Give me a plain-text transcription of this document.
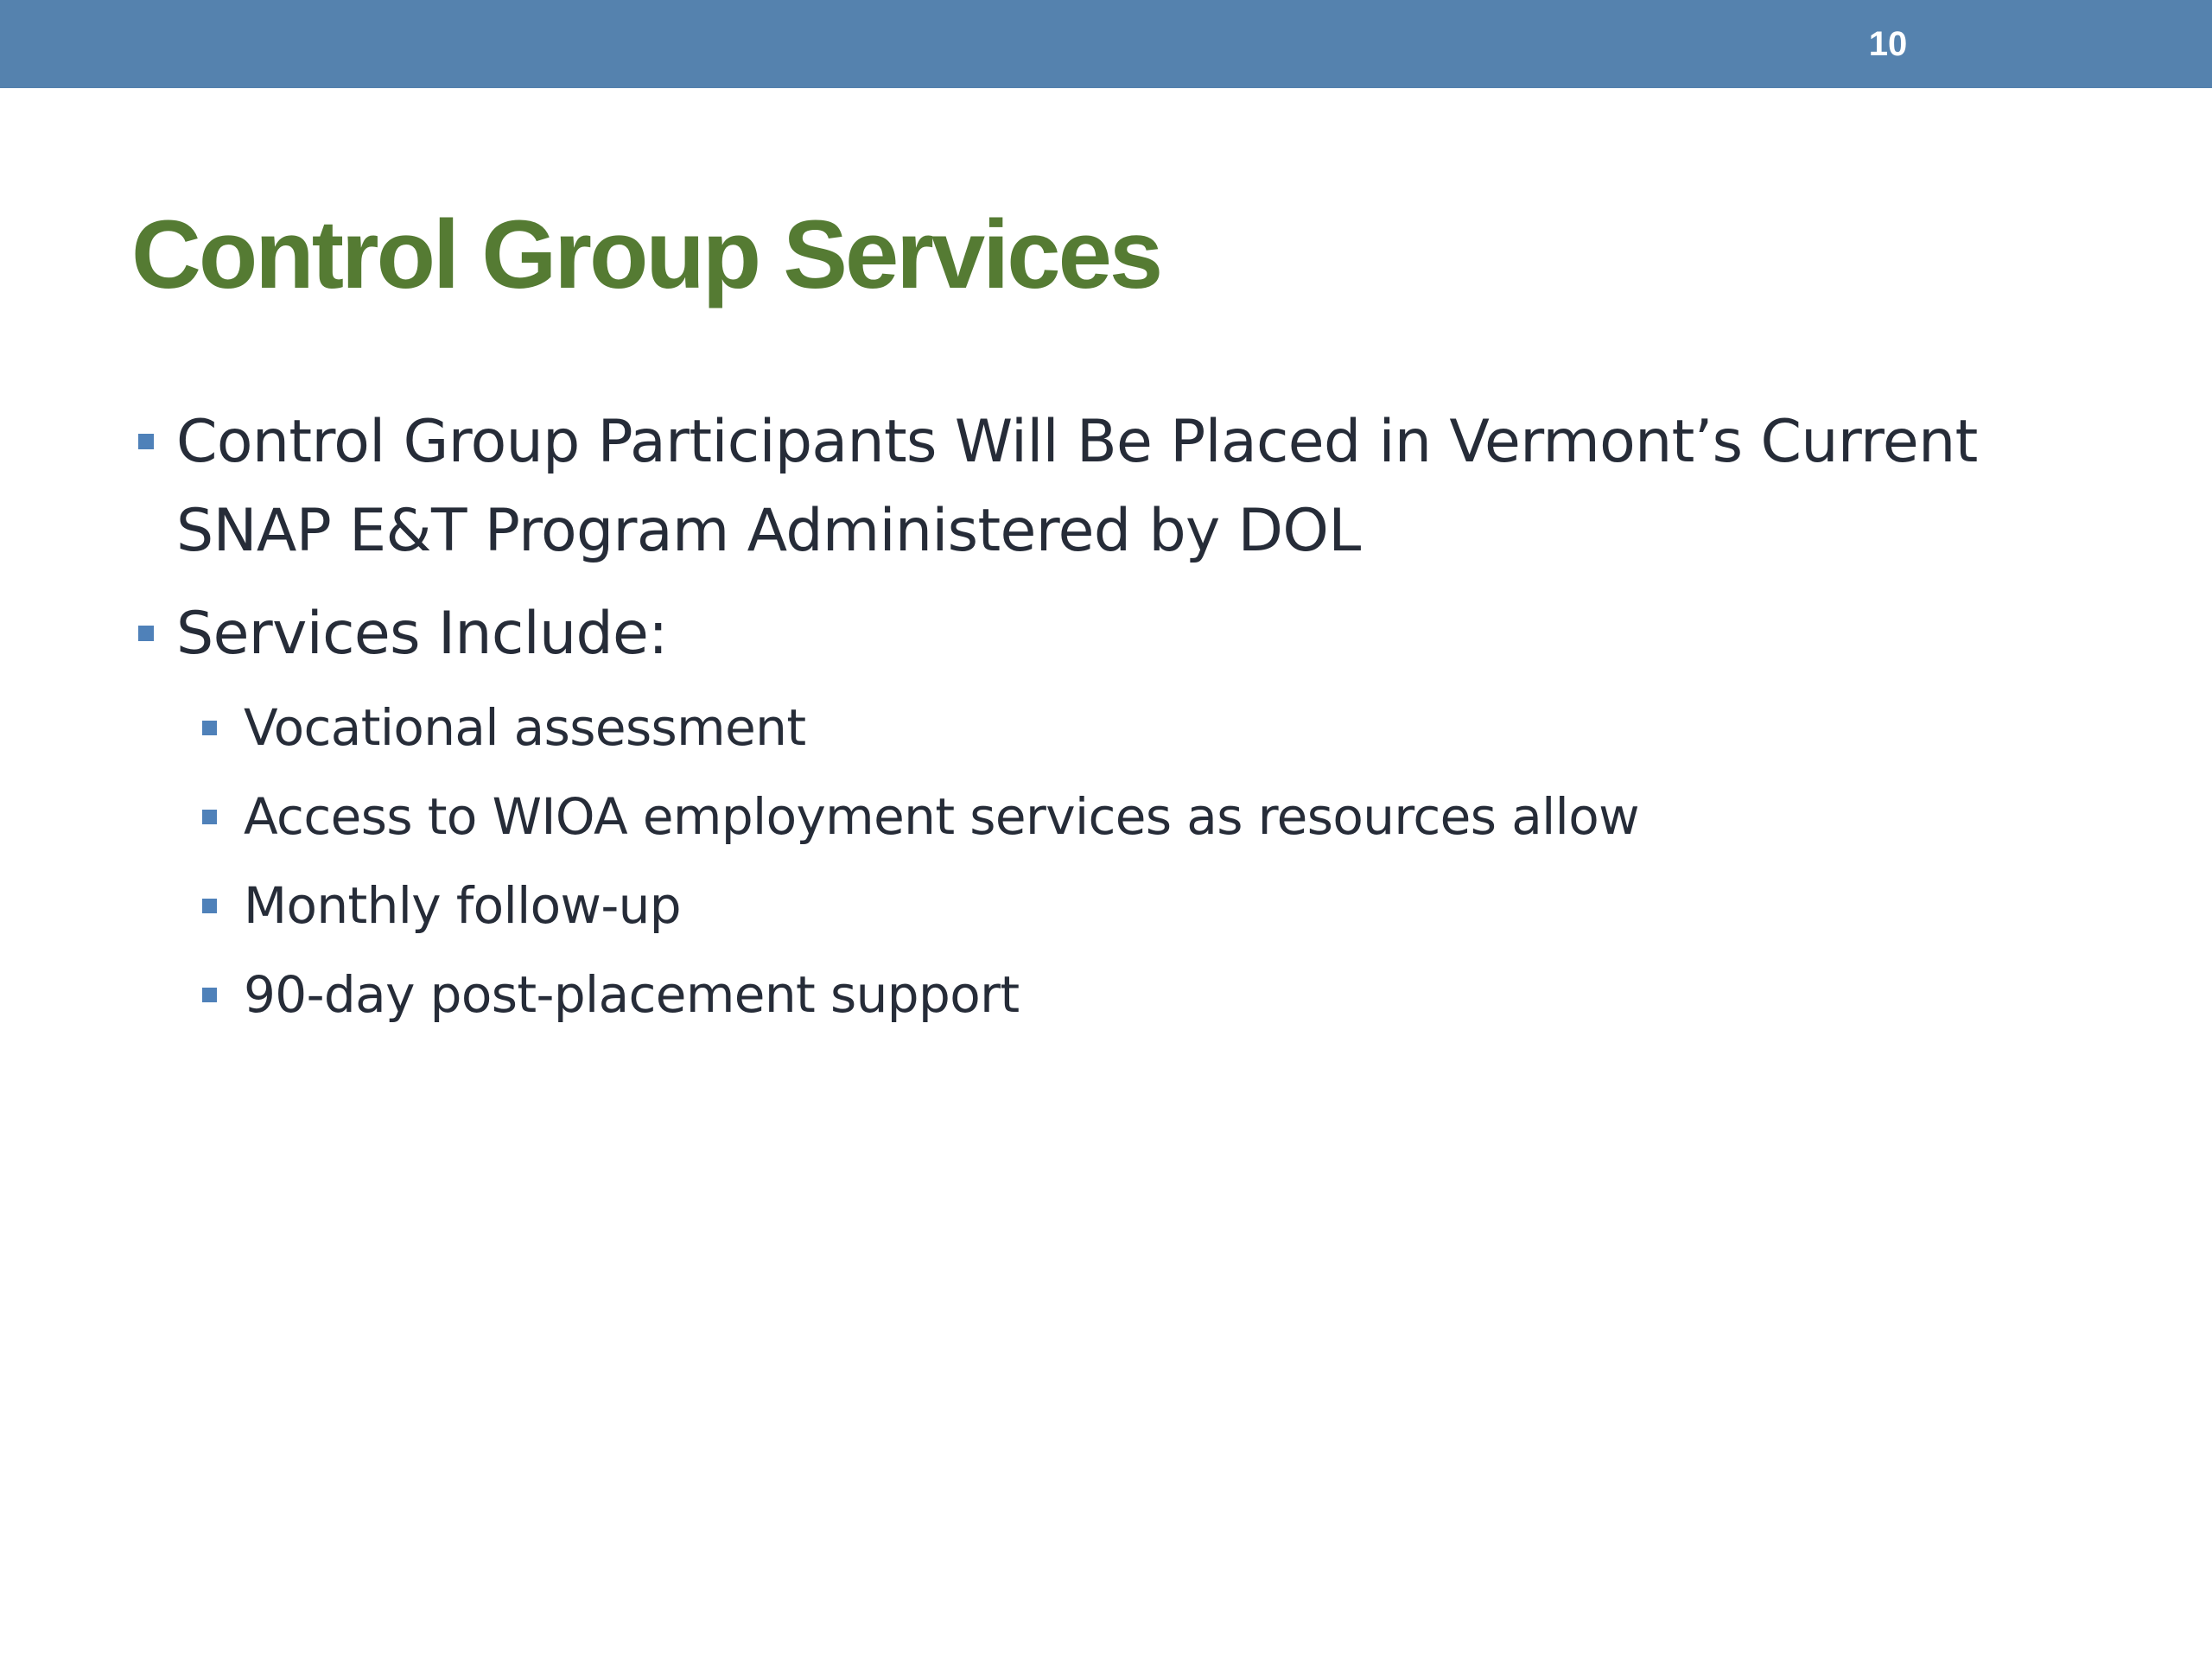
10
Control Group Services
Control Group Participants Will Be Placed in Vermont’s Current SNAP E&T Program Administered by DOL
Services Include:
Vocational assessment
Access to WIOA employment services as resources allow
Monthly follow-up
90-day post-placement support
